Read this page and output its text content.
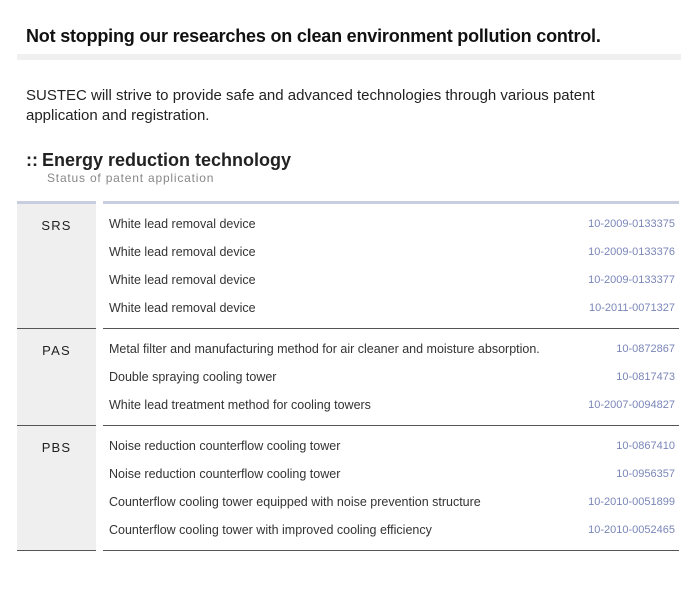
Not stopping our researches on clean environment pollution control.

SUSTEC will strive to provide safe and advanced technologies through various patent application and registration.

:: Energy reduction technology

Status of patent application

SRS	White lead removal device	10-2009-0133375
White lead removal device	10-2009-0133376
White lead removal device	10-2009-0133377
White lead removal device	10-2011-0071327
PAS	Metal filter and manufacturing method for air cleaner and moisture absorption.	10-0872867
Double spraying cooling tower	10-0817473
White lead treatment method for cooling towers	10-2007-0094827
PBS	Noise reduction counterflow cooling tower	10-0867410
Noise reduction counterflow cooling tower	10-0956357
Counterflow cooling tower equipped with noise prevention structure	10-2010-0051899
Counterflow cooling tower with improved cooling efficiency	10-2010-0052465
